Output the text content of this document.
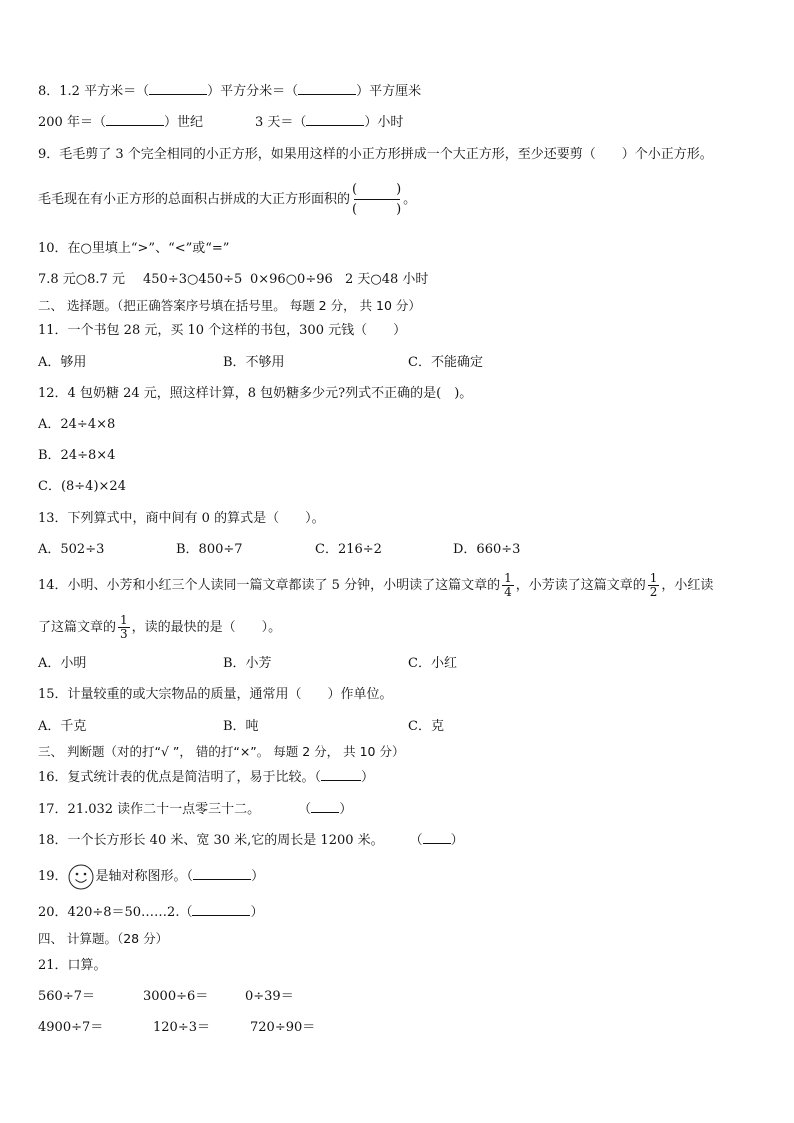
8．1.2 平方米＝（	）平方分米＝（	）平方厘米
200 年＝（	）世纪	3 天＝（	）小时
9．毛毛剪了 3 个完全相同的小正方形，如果用这样的小正方形拼成一个大正方形，至少还要剪（　　）个小正方形。
毛毛现在有小正方形的总面积占拼成的大正方形面积的
(　　　)
(　　　)
。
10．在○里填上“>”、“<”或“=”
7.8 元○8.7 元 450÷3○450÷5 0×96○0÷96 2 天○48 小时
二、 选择题。（把正确答案序号填在括号里。 每题 2 分， 共 10 分）
11．一个书包 28 元，买 10 个这样的书包，300 元钱（　　）
A．够用	B．不够用	C．不能确定
12．4 包奶糖 24 元，照这样计算，8 包奶糖多少元?列式不正确的是(　)。
A．24÷4×8
B．24÷8×4
C．(8÷4)×24
13．下列算式中，商中间有 0 的算式是（　　）。
A．502÷3	B．800÷7	C．216÷2	D．660÷3
14．小明、小芳和小红三个人读同一篇文章都读了 5 分钟，小明读了这篇文章的 $\frac{1}{4}$ ，小芳读了这篇文章的 $\frac{1}{2}$ ，小红读
了这篇文章的 $\frac{1}{3}$ ，读的最快的是（　　）。
A．小明	B．小芳	C．小红
15．计量较重的或大宗物品的质量，通常用（　　）作单位。
A．千克	B．吨	C．克
三、 判断题（对的打“√ ”， 错的打“×”。 每题 2 分， 共 10 分）
16．复式统计表的优点是简洁明了，易于比较。（	）
17．21.032 读作二十一点零三十二。	（ ）
18．一个长方形长 40 米、宽 30 米,它的周长是 1200 米。 （ ）
19． 是轴对称图形。（	）
20．420÷8＝50……2.（	）
四、 计算题。（28 分）
21．口算。
560÷7＝	3000÷6＝	0÷39＝
4900÷7＝	120÷3＝	720÷90＝
